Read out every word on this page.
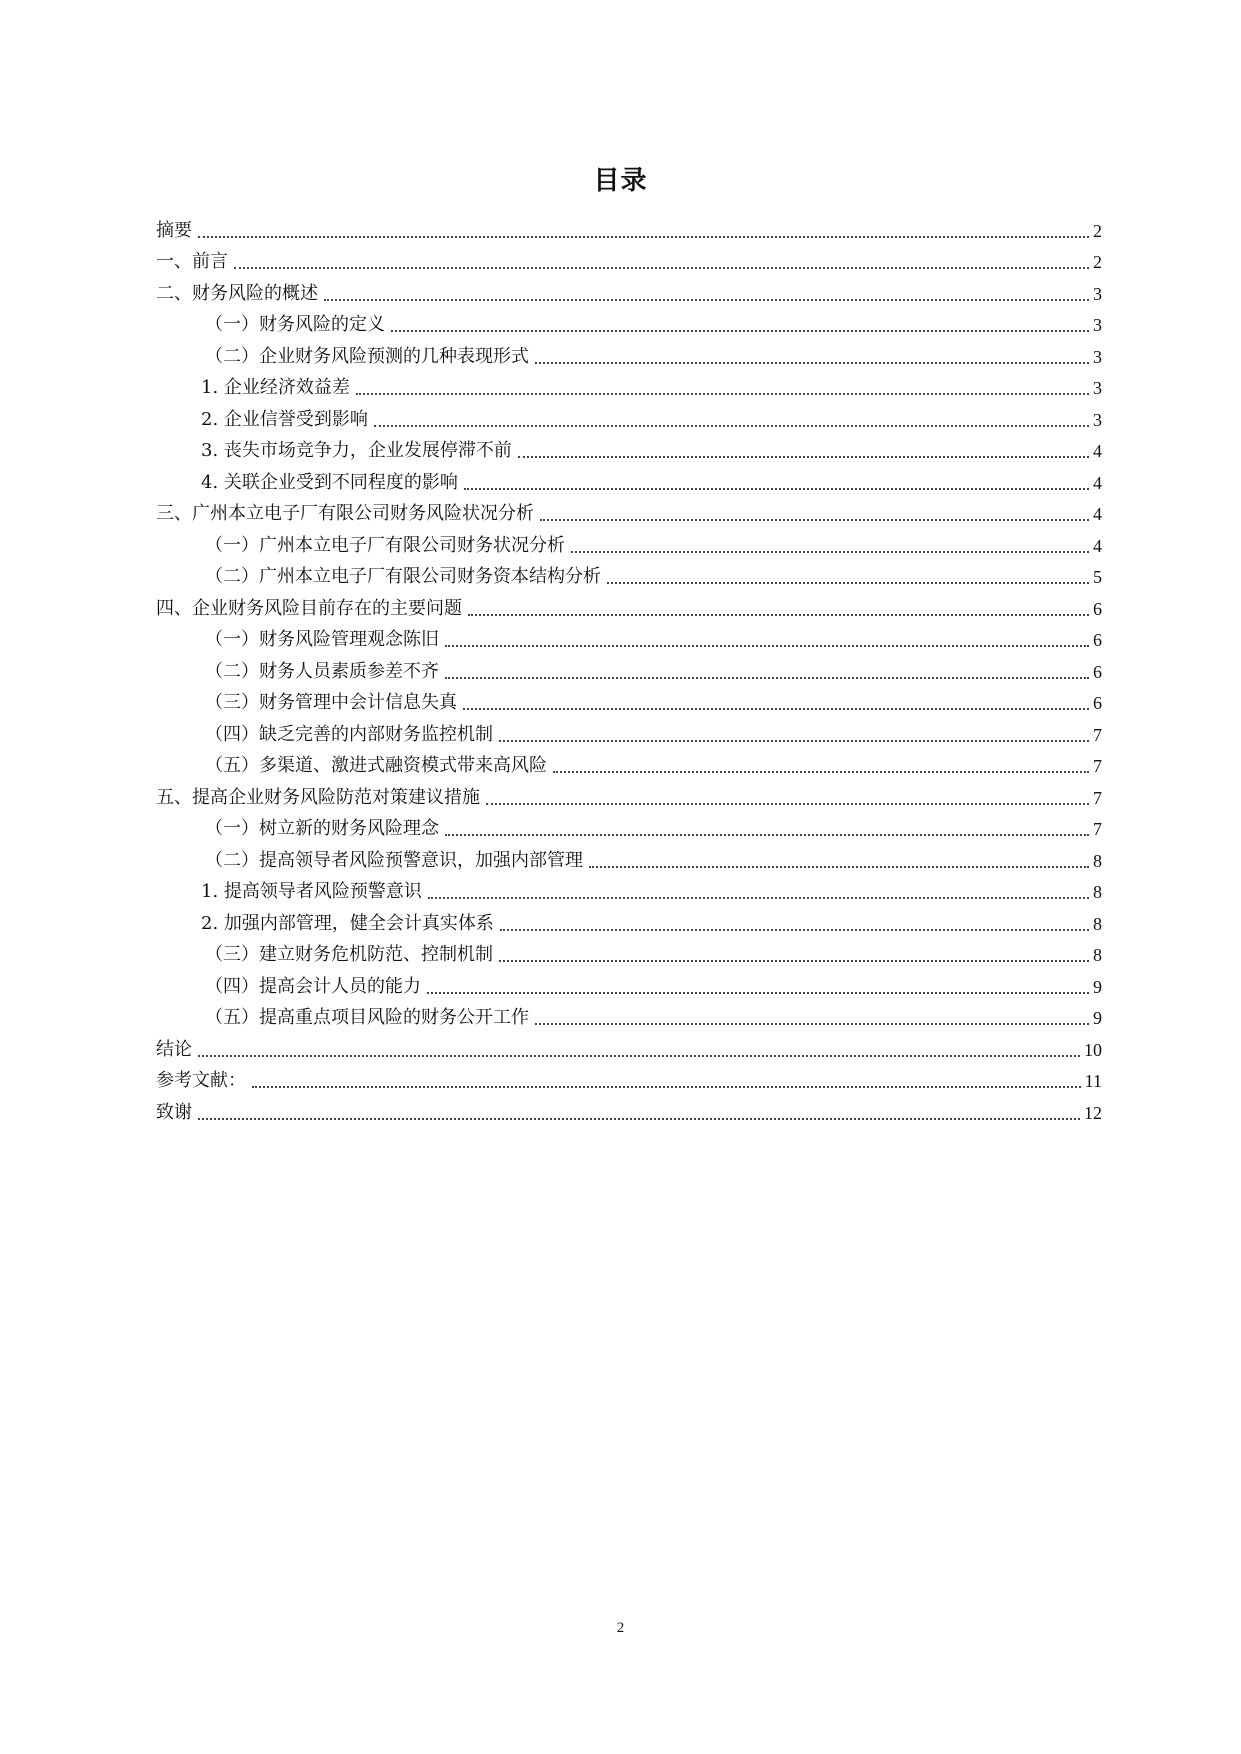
目录
摘要	2
一、前言	2
二、财务风险的概述	3
（一）财务风险的定义	3
（二）企业财务风险预测的几种表现形式	3
1. 企业经济效益差	3
2. 企业信誉受到影响	3
3. 丧失市场竞争力，企业发展停滞不前	4
4. 关联企业受到不同程度的影响	4
三、广州本立电子厂有限公司财务风险状况分析	4
（一）广州本立电子厂有限公司财务状况分析	4
（二）广州本立电子厂有限公司财务资本结构分析	5
四、企业财务风险目前存在的主要问题	6
（一）财务风险管理观念陈旧	6
（二）财务人员素质参差不齐	6
（三）财务管理中会计信息失真	6
（四）缺乏完善的内部财务监控机制	7
（五）多渠道、激进式融资模式带来高风险	7
五、提高企业财务风险防范对策建议措施	7
（一）树立新的财务风险理念	7
（二）提高领导者风险预警意识，加强内部管理	8
1. 提高领导者风险预警意识	8
2. 加强内部管理，健全会计真实体系	8
（三）建立财务危机防范、控制机制	8
（四）提高会计人员的能力	9
（五）提高重点项目风险的财务公开工作	9
结论	10
参考文献：	11
致谢	12
2
